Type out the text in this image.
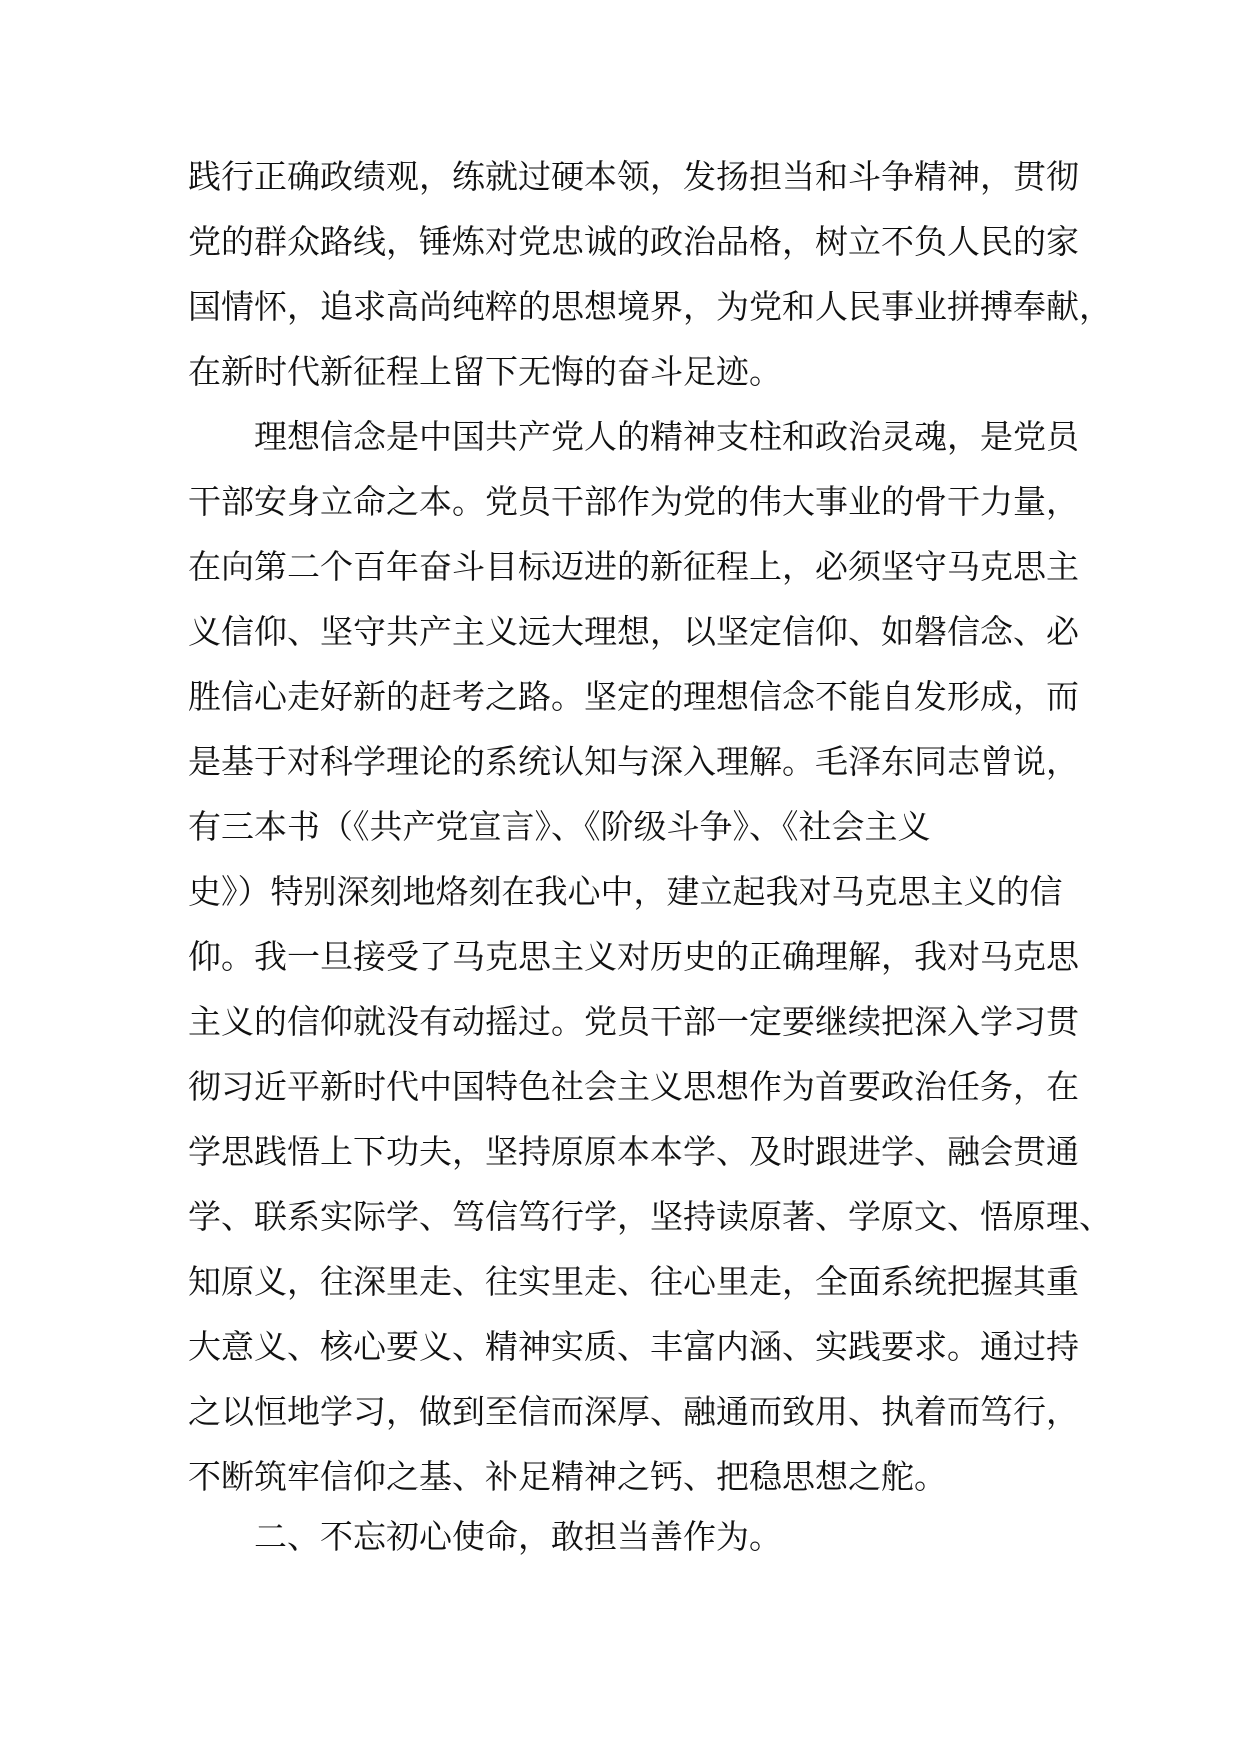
践行正确政绩观，练就过硬本领，发扬担当和斗争精神，贯彻
党的群众路线，锤炼对党忠诚的政治品格，树立不负人民的家
国情怀，追求高尚纯粹的思想境界，为党和人民事业拼搏奉献，
在新时代新征程上留下无悔的奋斗足迹。
理想信念是中国共产党人的精神支柱和政治灵魂，是党员
干部安身立命之本。党员干部作为党的伟大事业的骨干力量，
在向第二个百年奋斗目标迈进的新征程上，必须坚守马克思主
义信仰、坚守共产主义远大理想，以坚定信仰、如磐信念、必
胜信心走好新的赶考之路。坚定的理想信念不能自发形成，而
是基于对科学理论的系统认知与深入理解。毛泽东同志曾说，
有三本书（《共产党宣言》、《阶级斗争》、《社会主义
史》）特别深刻地烙刻在我心中，建立起我对马克思主义的信
仰。我一旦接受了马克思主义对历史的正确理解，我对马克思
主义的信仰就没有动摇过。党员干部一定要继续把深入学习贯
彻习近平新时代中国特色社会主义思想作为首要政治任务，在
学思践悟上下功夫，坚持原原本本学、及时跟进学、融会贯通
学、联系实际学、笃信笃行学，坚持读原著、学原文、悟原理、
知原义，往深里走、往实里走、往心里走，全面系统把握其重
大意义、核心要义、精神实质、丰富内涵、实践要求。通过持
之以恒地学习，做到至信而深厚、融通而致用、执着而笃行，
不断筑牢信仰之基、补足精神之钙、把稳思想之舵。
二、不忘初心使命，敢担当善作为。
